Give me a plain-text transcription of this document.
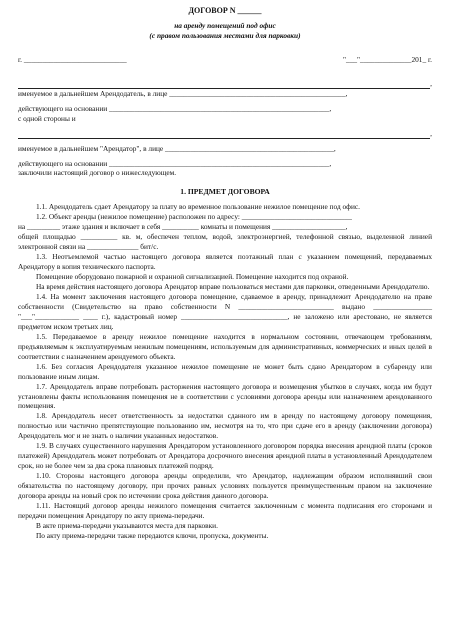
ДОГОВОР N ______
на аренду помещений под офис
(с правом пользования местами для парковки)
г. ____________________________	"___"______________201_ г.
,

именуемое в дальнейшем Арендодатель, в лице ________________________________________________,

действующего на основании ____________________________________________________________,

с одной стороны и

,

именуемое в дальнейшем "Арендатор", в лице ______________________________________________,

действующего на основании ____________________________________________________________,

заключили настоящий договор о нижеследующем.

1. ПРЕДМЕТ ДОГОВОРА

1.1. Арендодатель сдает Арендатору за плату во временное пользование нежилое помещение под офис.

1.2. Объект аренды (нежилое помещение) расположен по адресу: ______________________________

на _________ этаже здания и включает в себя __________ комнаты и помещения ____________________,

общей площадью __________ кв. м, обеспечен теплом, водой, электроэнергией, телефонной связью, выделенной линией электронной связи на ______________ бит/с.

1.3. Неотъемлемой частью настоящего договора является поэтажный план с указанием помещений, передаваемых Арендатору в копия технического паспорта.

Помещение оборудовано пожарной и охранной сигнализацией. Помещение находится под охраной.

На время действия настоящего договора Арендатор вправе пользоваться местами для парковки, отведенными Арендодателю.

1.4. На момент заключения настоящего договора помещение, сдаваемое в аренду, принадлежит Арендодателю на праве собственности (Свидетельство на право собственности N __________________________ выдано ________________ "___"____________ ____ г.), кадастровый номер _____________________________, не заложено или арестовано, не является предметом иском третьих лиц.

1.5. Передаваемое в аренду нежилое помещение находится в нормальном состоянии, отвечающем требованиям, предъявляемым к эксплуатируемым нежилым помещениям, используемым для административных, коммерческих и иных целей в соответствии с назначением арендуемого объекта.

1.6. Без согласия Арендодателя указанное нежилое помещение не может быть сдано Арендатором в субаренду или пользование иным лицам.

1.7. Арендодатель вправе потребовать расторжения настоящего договора и возмещения убытков в случаях, когда им будут установлены факты использования помещения не в соответствии с условиями договора аренды или назначением арендованного помещения.

1.8. Арендодатель несет ответственность за недостатки сданного им в аренду по настоящему договору помещения, полностью или частично препятствующие пользованию им, несмотря на то, что при сдаче его в аренду (заключении договора) Арендодатель мог и не знать о наличии указанных недостатков.

1.9. В случаях существенного нарушения Арендатором установленного договором порядка внесения арендной платы (сроков платежей) Арендодатель может потребовать от Арендатора досрочного внесения арендной платы в установленный Арендодателем срок, но не более чем за два срока плановых платежей подряд.

1.10. Стороны настоящего договора аренды определили, что Арендатор, надлежащим образом исполнявший свои обязательства по настоящему договору, при прочих равных условиях пользуется преимущественным правом на заключение договора аренды на новый срок по истечении срока действия данного договора.

1.11. Настоящий договор аренды нежилого помещения считается заключенным с момента подписания его сторонами и передачи помещения Арендатору по акту приема-передачи.

В акте приема-передачи указываются места для парковки.

По акту приема-передачи также передаются ключи, пропуска, документы.
